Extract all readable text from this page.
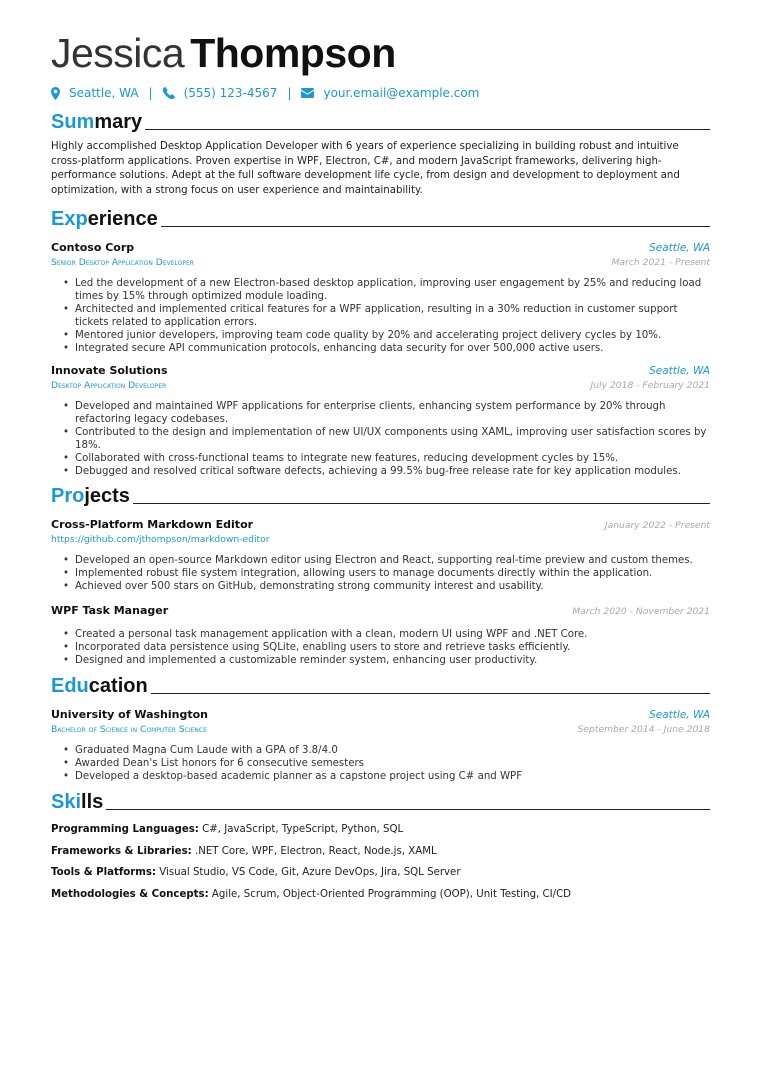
Jessica Thompson
Seattle, WA |	(555) 123-4567 |	your.email@example.com
Summary
Highly accomplished Desktop Application Developer with 6 years of experience specializing in building robust and intuitive cross-platform applications. Proven expertise in WPF, Electron, C#, and modern JavaScript frameworks, delivering high-performance solutions. Adept at the full software development life cycle, from design and development to deployment and optimization, with a strong focus on user experience and maintainability.
Experience
Contoso Corp	Seattle, WA
Senior Desktop Application Developer	March 2021 - Present
• Led the development of a new Electron-based desktop application, improving user engagement by 25% and reducing load times by 15% through optimized module loading.
• Architected and implemented critical features for a WPF application, resulting in a 30% reduction in customer support tickets related to application errors.
• Mentored junior developers, improving team code quality by 20% and accelerating project delivery cycles by 10%.
• Integrated secure API communication protocols, enhancing data security for over 500,000 active users.
Innovate Solutions	Seattle, WA
Desktop Application Developer	July 2018 - February 2021
• Developed and maintained WPF applications for enterprise clients, enhancing system performance by 20% through refactoring legacy codebases.
• Contributed to the design and implementation of new UI/UX components using XAML, improving user satisfaction scores by 18%.
• Collaborated with cross-functional teams to integrate new features, reducing development cycles by 15%.
• Debugged and resolved critical software defects, achieving a 99.5% bug-free release rate for key application modules.
Projects
Cross-Platform Markdown Editor	January 2022 - Present
https://github.com/jthompson/markdown-editor
• Developed an open-source Markdown editor using Electron and React, supporting real-time preview and custom themes.
• Implemented robust file system integration, allowing users to manage documents directly within the application.
• Achieved over 500 stars on GitHub, demonstrating strong community interest and usability.
WPF Task Manager	March 2020 - November 2021
• Created a personal task management application with a clean, modern UI using WPF and .NET Core.
• Incorporated data persistence using SQLite, enabling users to store and retrieve tasks efficiently.
• Designed and implemented a customizable reminder system, enhancing user productivity.
Education
University of Washington	Seattle, WA
Bachelor of Science in Computer Science	September 2014 - June 2018
• Graduated Magna Cum Laude with a GPA of 3.8/4.0
• Awarded Dean's List honors for 6 consecutive semesters
• Developed a desktop-based academic planner as a capstone project using C# and WPF
Skills
Programming Languages: C#, JavaScript, TypeScript, Python, SQL
Frameworks & Libraries: .NET Core, WPF, Electron, React, Node.js, XAML
Tools & Platforms: Visual Studio, VS Code, Git, Azure DevOps, Jira, SQL Server
Methodologies & Concepts: Agile, Scrum, Object-Oriented Programming (OOP), Unit Testing, CI/CD
